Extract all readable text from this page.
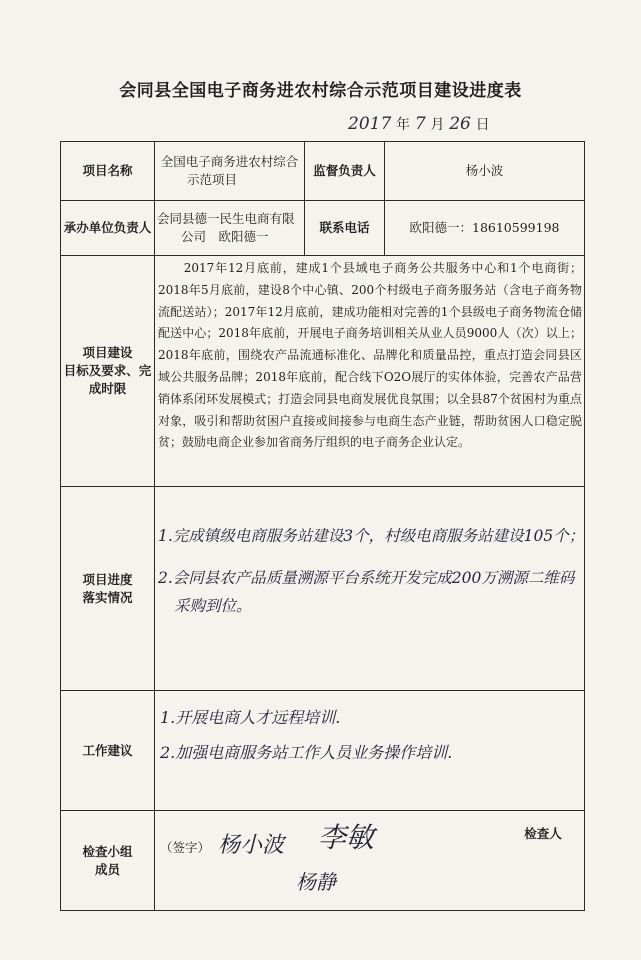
会同县全国电子商务进农村综合示范项目建设进度表
2017 年 7 月 26 日
项目名称
全国电子商务进农村综合
示范项目
监督负责人	杨小波
承办单位负责人
会同县德一民生电商有限
公司　欧阳德一
联系电话	欧阳德一：18610599198
项目建设
目标及要求、完
成时限
　　2017年12月底前，建成1个县域电子商务公共服务中心和1个电商街；2018年5月底前，建设8个中心镇、200个村级电子商务服务站（含电子商务物流配送站）；2017年12月底前，建成功能相对完善的1个县级电子商务物流仓储配送中心；2018年底前，开展电子商务培训相关从业人员9000人（次）以上；2018年底前，围绕农产品流通标准化、品牌化和质量品控，重点打造会同县区域公共服务品牌；2018年底前，配合线下O2O展厅的实体体验，完善农产品营销体系闭环发展模式；打造会同县电商发展优良氛围；以全县87个贫困村为重点对象，吸引和帮助贫困户直接或间接参与电商生态产业链，帮助贫困人口稳定脱贫；鼓励电商企业参加省商务厅组织的电子商务企业认定。
项目进度
落实情况
1.完成镇级电商服务站建设3个，村级电商服务站建设105个；
2.会同县农产品质量溯源平台系统开发完成200万溯源二维码
采购到位。
工作建议
1.开展电商人才远程培训.
2.加强电商服务站工作人员业务操作培训.
检查小组
成员
（签字）
检查人
杨小波 李敏
杨静
